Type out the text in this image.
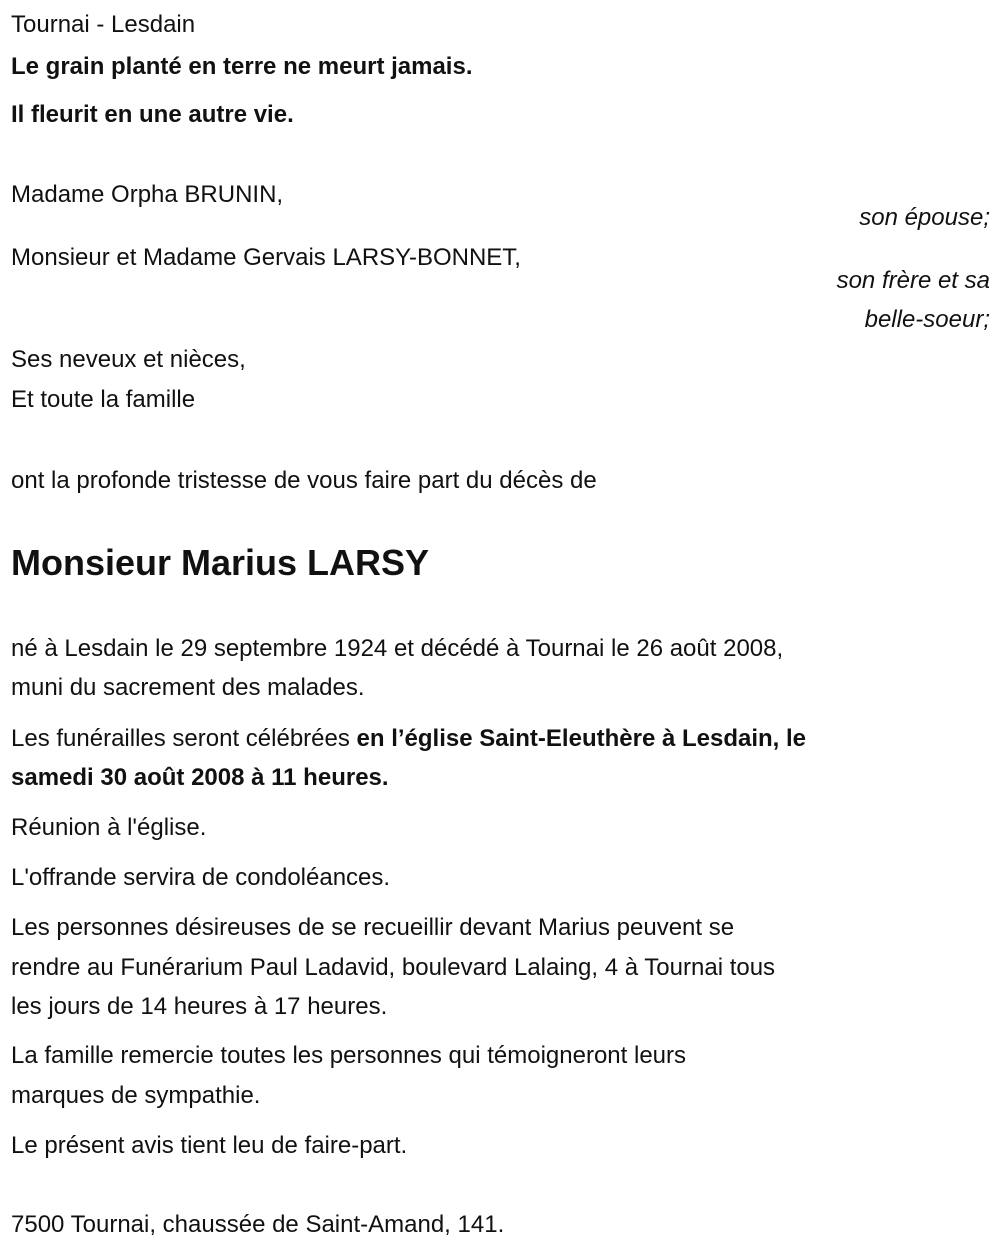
Tournai - Lesdain
Le grain planté en terre ne meurt jamais.
Il fleurit en une autre vie.
Madame Orpha BRUNIN,
son épouse;
Monsieur et Madame Gervais LARSY-BONNET,
son frère et sa
belle-soeur;
Ses neveux et nièces,
Et toute la famille
ont la profonde tristesse de vous faire part du décès de
Monsieur Marius LARSY
né à Lesdain le 29 septembre 1924 et décédé à Tournai le 26 août 2008,
muni du sacrement des malades.
Les funérailles seront célébrées en l’église Saint-Eleuthère à Lesdain, le
samedi 30 août 2008 à 11 heures.
Réunion à l'église.
L'offrande servira de condoléances.
Les personnes désireuses de se recueillir devant Marius peuvent se
rendre au Funérarium Paul Ladavid, boulevard Lalaing, 4 à Tournai tous
les jours de 14 heures à 17 heures.
La famille remercie toutes les personnes qui témoigneront leurs
marques de sympathie.
Le présent avis tient leu de faire-part.
7500 Tournai, chaussée de Saint-Amand, 141.
